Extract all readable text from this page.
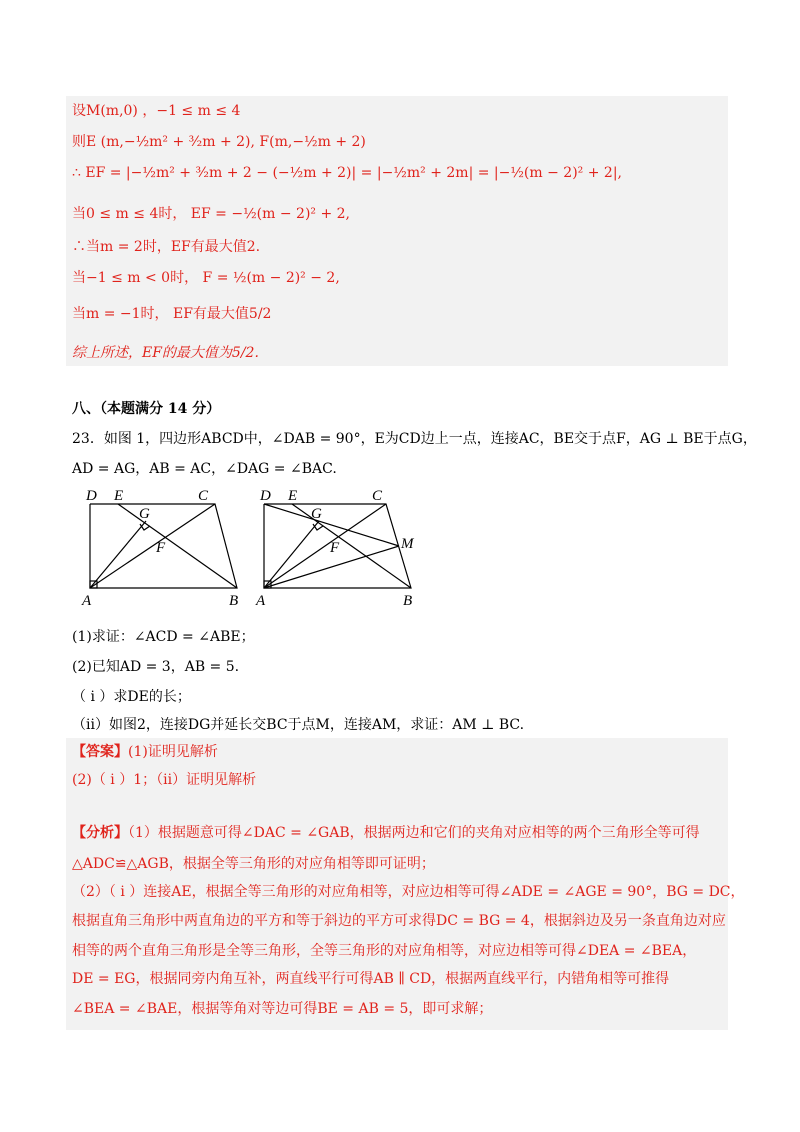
设M(m,0) ，−1 ≤ m ≤ 4
则E (m,−½m² + ³⁄₂m + 2), F(m,−½m + 2)
∴ EF = |−½m² + ³⁄₂m + 2 − (−½m + 2)| = |−½m² + 2m| = |−½(m − 2)² + 2|,
当0 ≤ m ≤ 4时， EF = −½(m − 2)² + 2,
∴当m = 2时，EF有最大值2.
当−1 ≤ m < 0时， F = ½(m − 2)² − 2,
当m = −1时， EF有最大值5/2
综上所述，EF的最大值为5/2.
八、（本题满分 14 分）
23．如图 1，四边形ABCD中，∠DAB = 90°，E为CD边上一点，连接AC，BE交于点F，AG ⊥ BE于点G，
AD = AG，AB = AC，∠DAG = ∠BAC.
D E	C
G
F
A	B
D E	C
G
F	M
A	B
(1)求证：∠ACD = ∠ABE；
(2)已知AD = 3，AB = 5.
（ i ）求DE的长；
（ii）如图2，连接DG并延长交BC于点M，连接AM，求证：AM ⊥ BC.
【答案】(1)证明见解析
(2)（ i ）1；（ii）证明见解析
【分析】（1）根据题意可得∠DAC = ∠GAB，根据两边和它们的夹角对应相等的两个三角形全等可得
△ADC≌△AGB，根据全等三角形的对应角相等即可证明；
（2）（ i ）连接AE，根据全等三角形的对应角相等，对应边相等可得∠ADE = ∠AGE = 90°，BG = DC，
根据直角三角形中两直角边的平方和等于斜边的平方可求得DC = BG = 4，根据斜边及另一条直角边对应
相等的两个直角三角形是全等三角形，全等三角形的对应角相等，对应边相等可得∠DEA = ∠BEA，
DE = EG，根据同旁内角互补，两直线平行可得AB ∥ CD，根据两直线平行，内错角相等可推得
∠BEA = ∠BAE，根据等角对等边可得BE = AB = 5，即可求解；
